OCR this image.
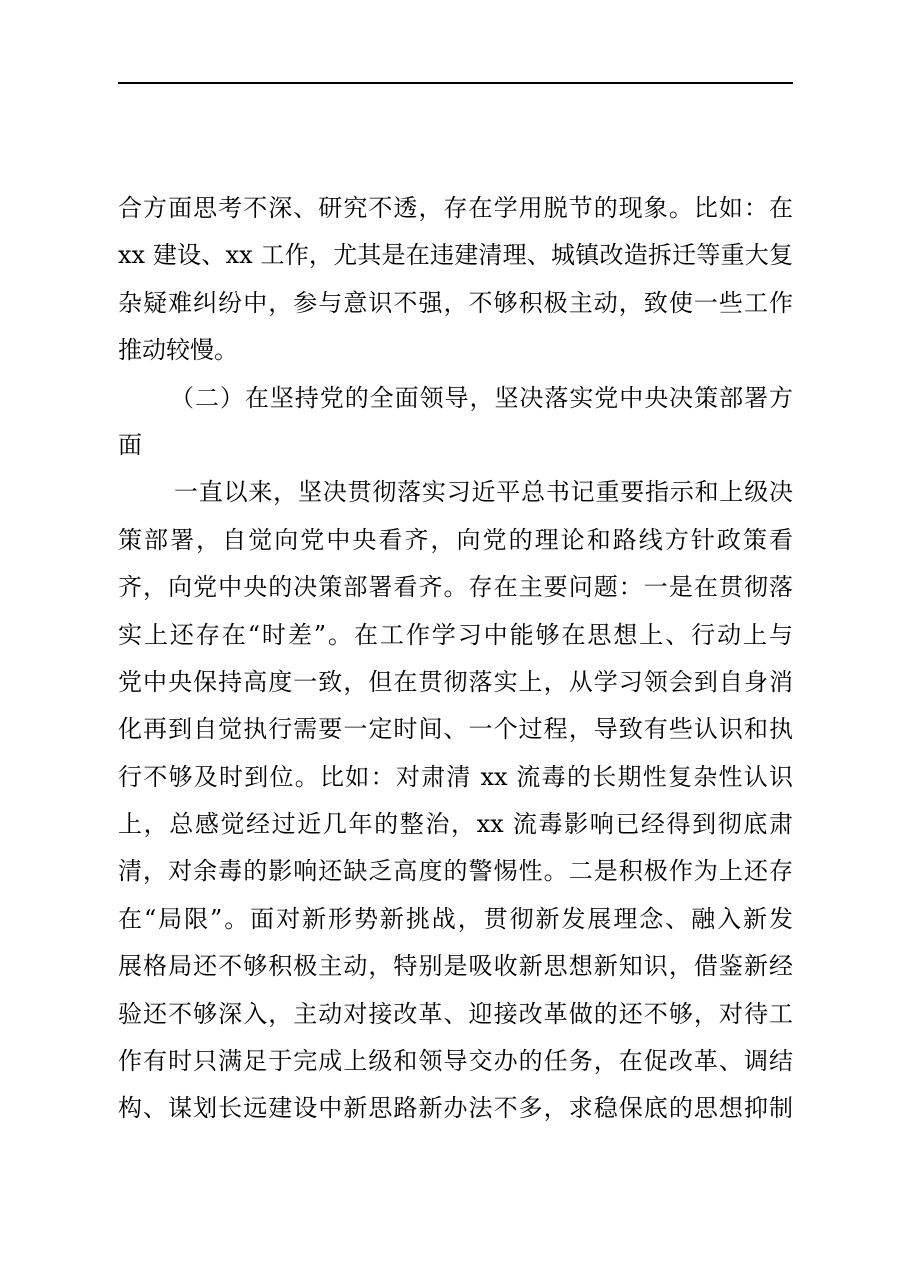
合方面思考不深、研究不透，存在学用脱节的现象。比如：在
xx 建设、xx 工作，尤其是在违建清理、城镇改造拆迁等重大复
杂疑难纠纷中，参与意识不强，不够积极主动，致使一些工作
推动较慢。
（二）在坚持党的全面领导，坚决落实党中央决策部署方
面
一直以来，坚决贯彻落实习近平总书记重要指示和上级决
策部署，自觉向党中央看齐，向党的理论和路线方针政策看
齐，向党中央的决策部署看齐。存在主要问题：一是在贯彻落
实上还存在“时差”。在工作学习中能够在思想上、行动上与
党中央保持高度一致，但在贯彻落实上，从学习领会到自身消
化再到自觉执行需要一定时间、一个过程，导致有些认识和执
行不够及时到位。比如：对肃清 xx 流毒的长期性复杂性认识
上，总感觉经过近几年的整治，xx 流毒影响已经得到彻底肃
清，对余毒的影响还缺乏高度的警惕性。二是积极作为上还存
在“局限”。面对新形势新挑战，贯彻新发展理念、融入新发
展格局还不够积极主动，特别是吸收新思想新知识，借鉴新经
验还不够深入，主动对接改革、迎接改革做的还不够，对待工
作有时只满足于完成上级和领导交办的任务，在促改革、调结
构、谋划长远建设中新思路新办法不多，求稳保底的思想抑制
